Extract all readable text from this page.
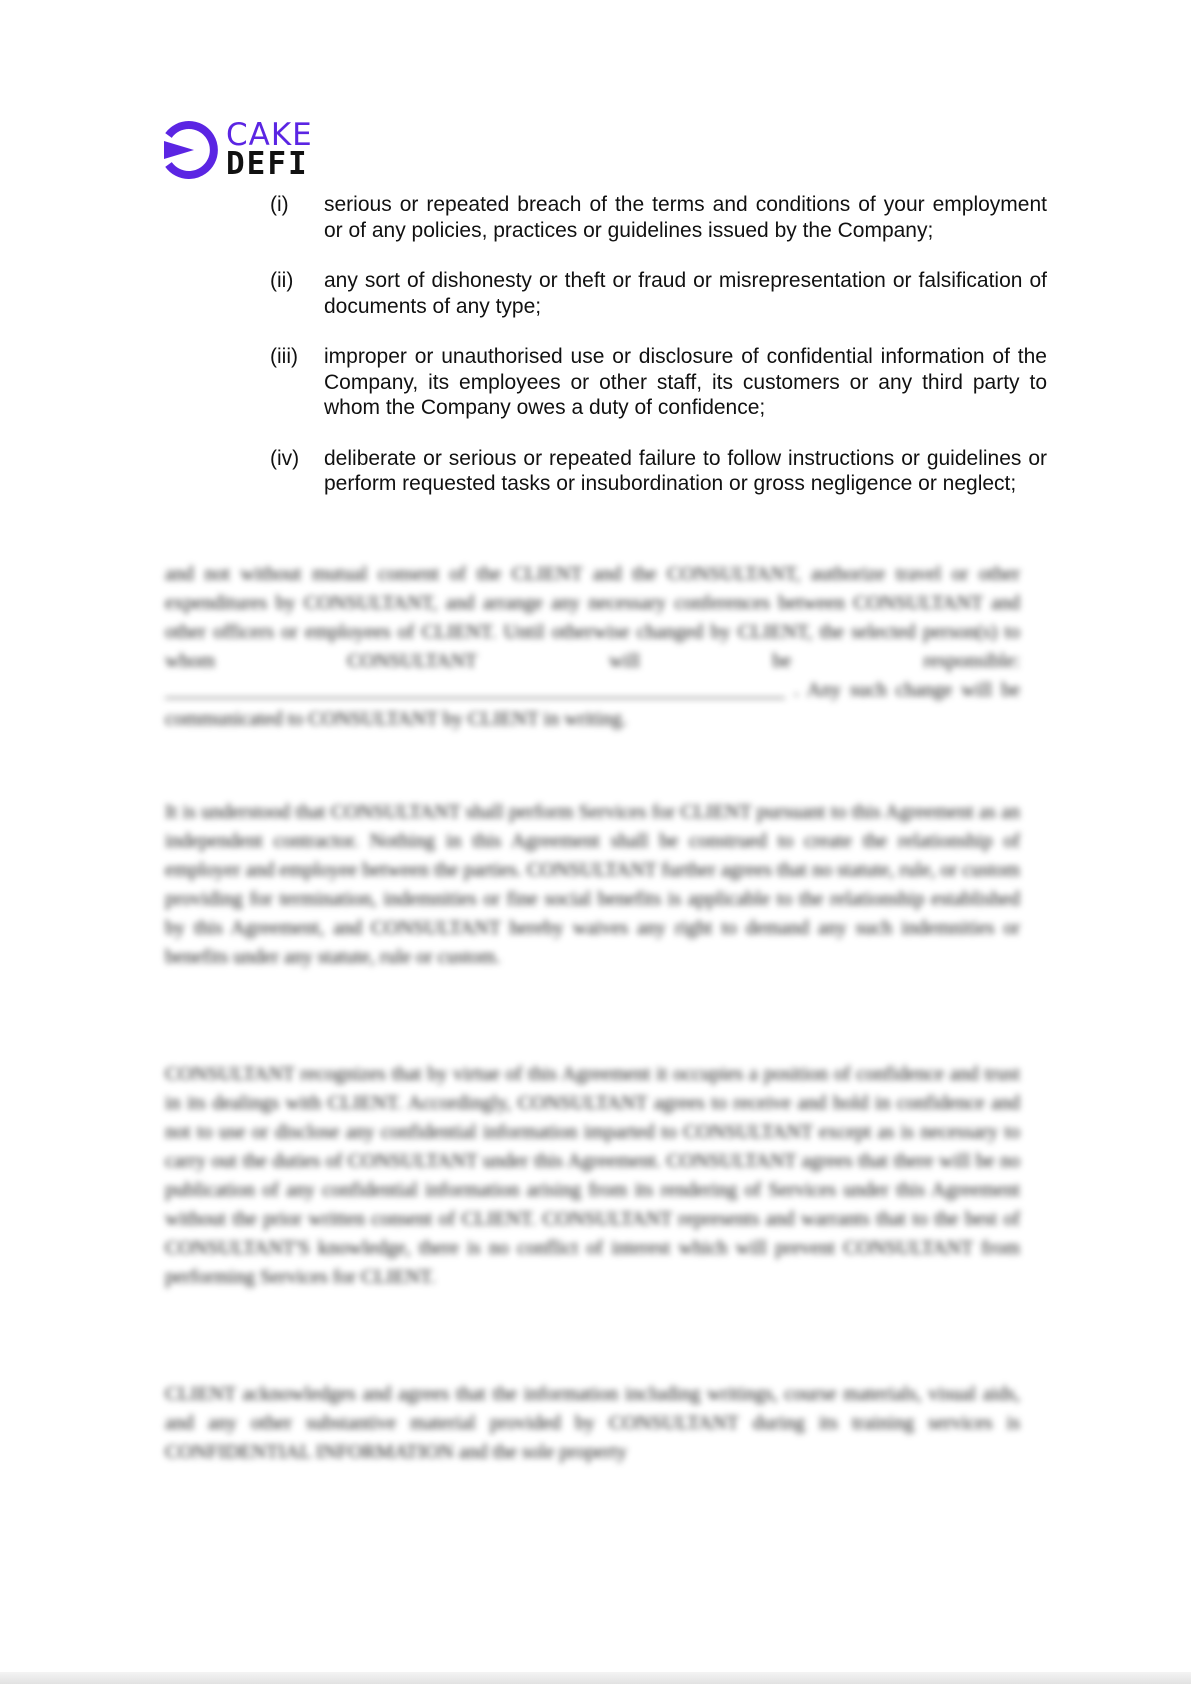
CAKE
DEFI
(i)	serious or repeated breach of the terms and conditions of your employment or of any policies, practices or guidelines issued by the Company;
(ii)	any sort of dishonesty or theft or fraud or misrepresentation or falsification of documents of any type;
(iii)	improper or unauthorised use or disclosure of confidential information of the Company, its employees or other staff, its customers or any third party to whom the Company owes a duty of confidence;
(iv)	deliberate or serious or repeated failure to follow instructions or guidelines or perform requested tasks or insubordination or gross negligence or neglect;

and not without mutual consent of the CLIENT and the CONSULTANT, authorize travel or other expenditures by CONSULTANT, and arrange any necessary conferences between CONSULTANT and other officers or employees of CLIENT. Until otherwise changed by CLIENT, the selected person(s) to whom CONSULTANT will be responsible: ______________________________________________________________ . Any such change will be communicated to CONSULTANT by CLIENT in writing.

It is understood that CONSULTANT shall perform Services for CLIENT pursuant to this Agreement as an independent contractor. Nothing in this Agreement shall be construed to create the relationship of employer and employee between the parties. CONSULTANT further agrees that no statute, rule, or custom providing for termination, indemnities or fine social benefits is applicable to the relationship established by this Agreement, and CONSULTANT hereby waives any right to demand any such indemnities or benefits under any statute, rule or custom.

CONSULTANT recognizes that by virtue of this Agreement it occupies a position of confidence and trust in its dealings with CLIENT. Accordingly, CONSULTANT agrees to receive and hold in confidence and not to use or disclose any confidential information imparted to CONSULTANT except as is necessary to carry out the duties of CONSULTANT under this Agreement. CONSULTANT agrees that there will be no publication of any confidential information arising from its rendering of Services under this Agreement without the prior written consent of CLIENT. CONSULTANT represents and warrants that to the best of CONSULTANT'S knowledge, there is no conflict of interest which will prevent CONSULTANT from performing Services for CLIENT.

CLIENT acknowledges and agrees that the information including writings, course materials, visual aids, and any other substantive material provided by CONSULTANT during its training services is CONFIDENTIAL INFORMATION and the sole property
